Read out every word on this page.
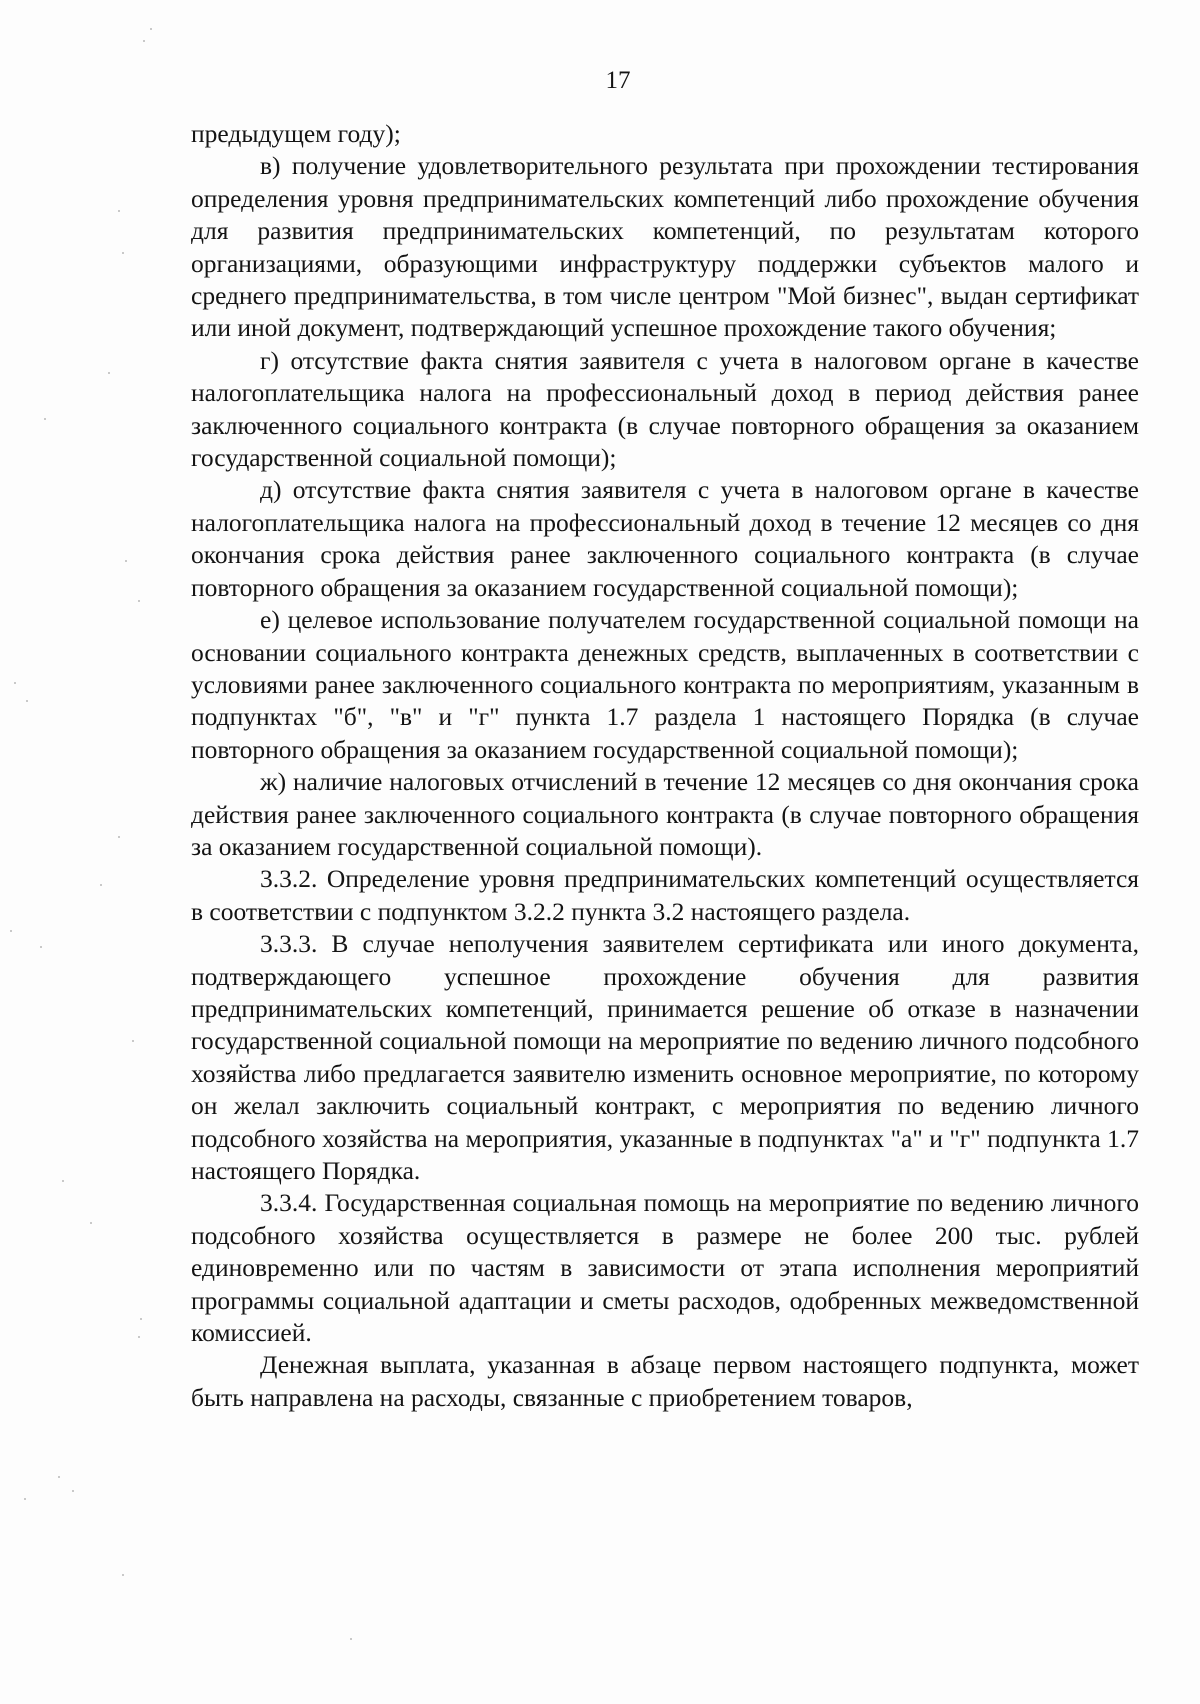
17

предыдущем году);

в) получение удовлетворительного результата при прохождении тестирования определения уровня предпринимательских компетенций либо прохождение обучения для развития предпринимательских компетенций, по результатам которого организациями, образующими инфраструктуру поддержки субъектов малого и среднего предпринимательства, в том числе центром "Мой бизнес", выдан сертификат или иной документ, подтверждающий успешное прохождение такого обучения;

г) отсутствие факта снятия заявителя с учета в налоговом органе в качестве налогоплательщика налога на профессиональный доход в период действия ранее заключенного социального контракта (в случае повторного обращения за оказанием государственной социальной помощи);

д) отсутствие факта снятия заявителя с учета в налоговом органе в качестве налогоплательщика налога на профессиональный доход в течение 12 месяцев со дня окончания срока действия ранее заключенного социального контракта (в случае повторного обращения за оказанием государственной социальной помощи);

е) целевое использование получателем государственной социальной помощи на основании социального контракта денежных средств, выплаченных в соответствии с условиями ранее заключенного социального контракта по мероприятиям, указанным в подпунктах "б", "в" и "г" пункта 1.7 раздела 1 настоящего Порядка (в случае повторного обращения за оказанием государственной социальной помощи);

ж) наличие налоговых отчислений в течение 12 месяцев со дня окончания срока действия ранее заключенного социального контракта (в случае повторного обращения за оказанием государственной социальной помощи).

3.3.2. Определение уровня предпринимательских компетенций осуществляется в соответствии с подпунктом 3.2.2 пункта 3.2 настоящего раздела.

3.3.3. В случае неполучения заявителем сертификата или иного документа, подтверждающего успешное прохождение обучения для развития предпринимательских компетенций, принимается решение об отказе в назначении государственной социальной помощи на мероприятие по ведению личного подсобного хозяйства либо предлагается заявителю изменить основное мероприятие, по которому он желал заключить социальный контракт, с мероприятия по ведению личного подсобного хозяйства на мероприятия, указанные в подпунктах "а" и "г" подпункта 1.7 настоящего Порядка.

3.3.4. Государственная социальная помощь на мероприятие по ведению личного подсобного хозяйства осуществляется в размере не более 200 тыс. рублей единовременно или по частям в зависимости от этапа исполнения мероприятий программы социальной адаптации и сметы расходов, одобренных межведомственной комиссией.

Денежная выплата, указанная в абзаце первом настоящего подпункта, может быть направлена на расходы, связанные с приобретением товаров,
